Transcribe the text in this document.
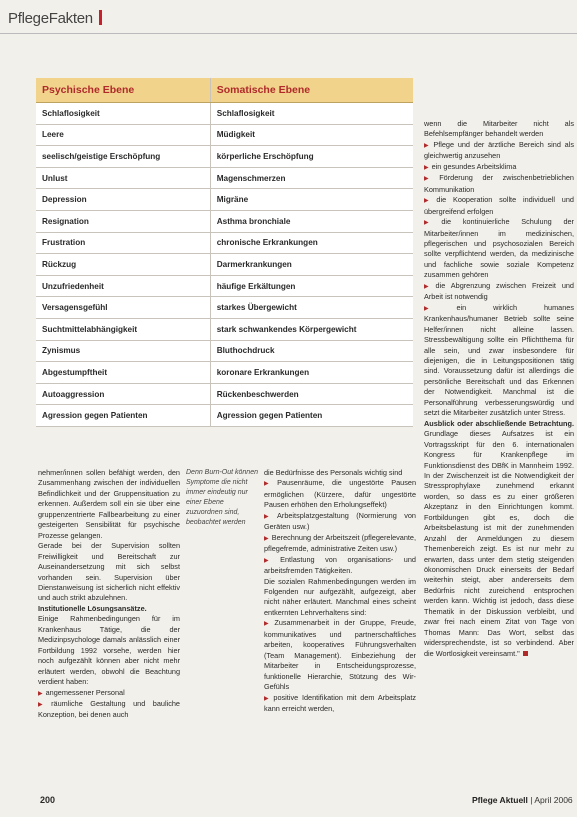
PflegeFakten
Psychische Ebene	Somatische Ebene
Schlaflosigkeit	Schlaflosigkeit
Leere	Müdigkeit
seelisch/geistige Erschöpfung	körperliche Erschöpfung
Unlust	Magenschmerzen
Depression	Migräne
Resignation	Asthma bronchiale
Frustration	chronische Erkrankungen
Rückzug	Darmerkrankungen
Unzufriedenheit	häufige Erkältungen
Versagensgefühl	starkes Übergewicht
Suchtmittelabhängigkeit	stark schwankendes Körpergewicht
Zynismus	Bluthochdruck
Abgestumpftheit	koronare Erkrankungen
Autoaggression	Rückenbeschwerden
Agression gegen Patienten	Agression gegen Patienten

wenn die Mitarbeiter nicht als Befehlsempfänger behandelt werden

▶ Pflege und der ärztliche Bereich sind als gleichwertig anzusehen

▶ ein gesundes Arbeitsklima

▶ Förderung der zwischenbetrieblichen Kommunikation

▶ die Kooperation sollte individuell und übergreifend erfolgen

▶ die kontinuierliche Schulung der Mitarbeiter/innen im medizinischen, pflegerischen und psychosozialen Bereich sollte verpflichtend werden, da medizinische und fachliche sowie soziale Kompetenz zusammen gehören

▶ die Abgrenzung zwischen Freizeit und Arbeit ist notwendig

▶ ein wirklich humanes Krankenhaus/humaner Betrieb sollte seine Helfer/innen nicht alleine lassen. Stressbewältigung sollte ein Pflichtthema für alle sein, und zwar insbesondere für diejenigen, die in Leitungspositionen tätig sind. Voraussetzung dafür ist allerdings die persönliche Bereitschaft und das Erkennen der Notwendigkeit. Manchmal ist die Personalführung verbesserungswürdig und setzt die Mitarbeiter zusätzlich unter Stress.

Ausblick oder abschließende Betrachtung. Grundlage dieses Aufsatzes ist ein Vortragsskript für den 6. internationalen Kongress für Krankenpflege im Funktionsdienst des DBfK in Mannheim 1992. In der Zwischenzeit ist die Notwendigkeit der Stressprophylaxe zunehmend erkannt worden, so dass es zu einer größeren Akzeptanz in den Einrichtungen kommt. Fortbildungen gibt es, doch die Arbeitsbelastung ist mit der zunehmenden Anzahl der Anmeldungen zu diesem Themenbereich zeigt. Es ist nur mehr zu erwarten, dass unter dem stetig steigenden ökonomischen Druck einerseits der Bedarf weiterhin steigt, aber andererseits dem Bedürfnis nicht zureichend entsprochen werden kann. Wichtig ist jedoch, dass diese Thematik in der Diskussion verbleibt, und zwar frei nach einem Zitat von Tage von Thomas Mann: Das Wort, selbst das widersprechendste, ist so verbindend. Aber die Wortlosigkeit vereinsamt."

nehmer/innen sollen befähigt werden, den Zusammenhang zwischen der individuellen Befindlichkeit und der Gruppensituation zu erkennen. Außerdem soll ein sie über eine gruppenzentrierte Fallbearbeitung zu einer gesteigerten Sensibilität für psychische Prozesse gelangen.

Gerade bei der Supervision sollten Freiwilligkeit und Bereitschaft zur Auseinandersetzung mit sich selbst vorhanden sein. Supervision über Dienstanweisung ist sicherlich nicht effektiv und auch strikt abzulehnen.

Institutionelle Lösungsansätze.

Einige Rahmenbedingungen für im Krankenhaus Tätige, die der Medizinpsychologe damals anlässlich einer Fortbildung 1992 vorsehe, werden hier noch aufgezählt können aber nicht mehr erläutert werden, obwohl die Beachtung verdient haben:

▶ angemessener Personal

▶ räumliche Gestaltung und bauliche Konzeption, bei denen auch

Denn Burn-Out können Symptome die nicht immer eindeutig nur einer Ebene zuzuordnen sind, beobachtet werden

die Bedürfnisse des Personals wichtig sind

▶ Pausenräume, die ungestörte Pausen ermöglichen (Kürzere, dafür ungestörte Pausen erhöhen den Erholungseffekt)

▶ Arbeitsplatzgestaltung (Normierung von Geräten usw.)

▶ Berechnung der Arbeitszeit (pflegerelevante, pflegefremde, administrative Zeiten usw.)

▶ Entlastung von organisations- und arbeitsfremden Tätigkeiten.

Die sozialen Rahmenbedingungen werden im Folgenden nur aufgezählt, aufgezeigt, aber nicht näher erläutert. Manchmal eines scheint entkernten Lehrverhaltens sind:

▶ Zusammenarbeit in der Gruppe, Freude, kommunikatives und partnerschaftliches arbeiten, kooperatives Führungsverhalten (Team Management). Einbeziehung der Mitarbeiter in Entscheidungsprozesse, funktionelle Hierarchie, Stützung des Wir-Gefühls

▶ positive Identifikation mit dem Arbeitsplatz kann erreicht werden,

200	Pflege Aktuell | April 2006
